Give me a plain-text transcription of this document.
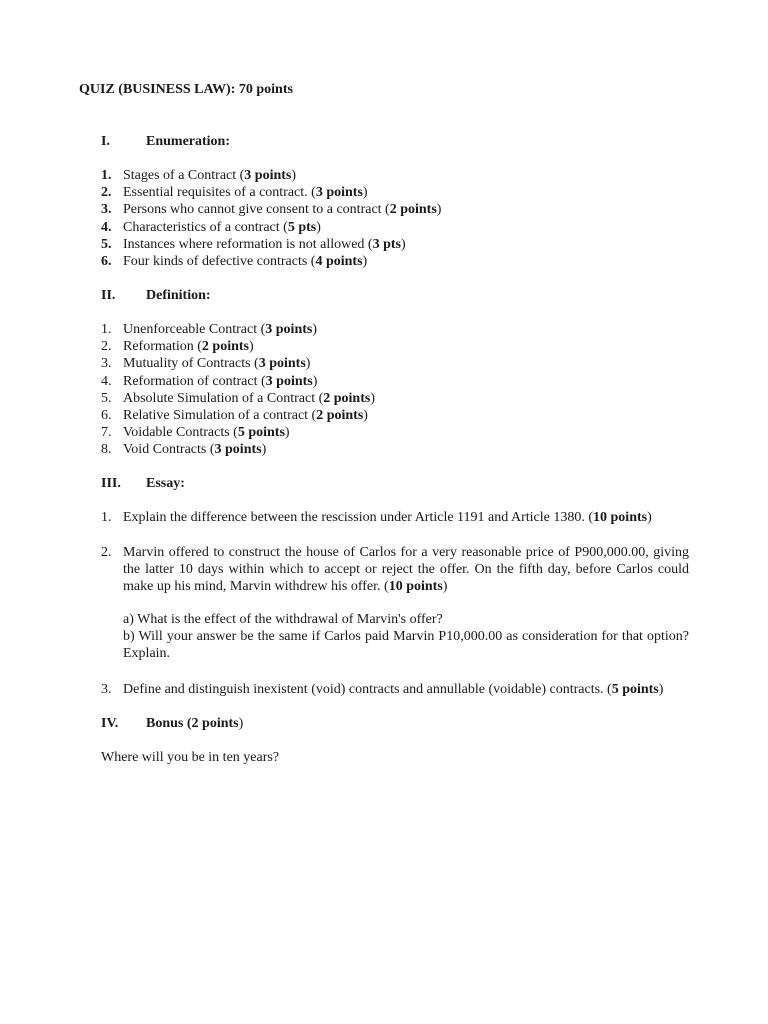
QUIZ (BUSINESS LAW): 70 points
I.	Enumeration:
1. Stages of a Contract (3 points)
2. Essential requisites of a contract. (3 points)
3. Persons who cannot give consent to a contract (2 points)
4. Characteristics of a contract (5 pts)
5. Instances where reformation is not allowed (3 pts)
6. Four kinds of defective contracts (4 points)
II. Definition:
1. Unenforceable Contract (3 points)
2. Reformation (2 points)
3. Mutuality of Contracts (3 points)
4. Reformation of contract (3 points)
5. Absolute Simulation of a Contract (2 points)
6. Relative Simulation of a contract (2 points)
7. Voidable Contracts (5 points)
8. Void Contracts (3 points)
III. Essay:
1. Explain the difference between the rescission under Article 1191 and Article 1380. (10 points)
2. Marvin offered to construct the house of Carlos for a very reasonable price of P900,000.00, giving the latter 10 days within which to accept or reject the offer. On the fifth day, before Carlos could make up his mind, Marvin withdrew his offer. (10 points)
a) What is the effect of the withdrawal of Marvin's offer?
b) Will your answer be the same if Carlos paid Marvin P10,000.00 as consideration for that option? Explain.
3. Define and distinguish inexistent (void) contracts and annullable (voidable) contracts. (5 points)
IV. Bonus (2 points)
Where will you be in ten years?
